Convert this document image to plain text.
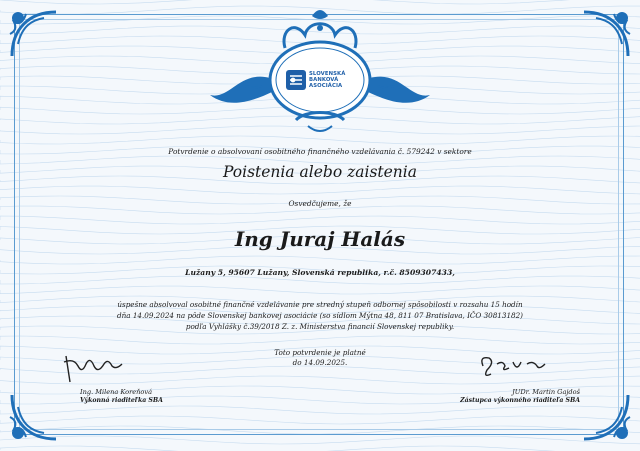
SLOVENSKÁ
BANKOVÁ
ASOCIÁCIA
Potvrdenie o absolvovaní osobitného finančného vzdelávania č. 579242 v sektore
Poistenia alebo zaistenia
Osvedčujeme, že
Ing Juraj Halás
Lužany 5, 95607 Lužany, Slovenská republika, r.č. 8509307433,
úspešne absolvoval osobitné finančné vzdelávanie pre stredný stupeň odbornej spôsobilosti v rozsahu 15 hodín
dňa 14.09.2024 na pôde Slovenskej bankovej asociácie (so sídlom Mýtna 48, 811 07 Bratislava, IČO 30813182)
podľa Vyhlášky č.39/2018 Z. z. Ministerstva financií Slovenskej republiky.
Toto potvrdenie je platné
do 14.09.2025.
Ing. Milena Koreňová
Výkonná riaditeľka SBA
JUDr. Martin Gajdoš
Zástupca výkonného riaditeľa SBA
